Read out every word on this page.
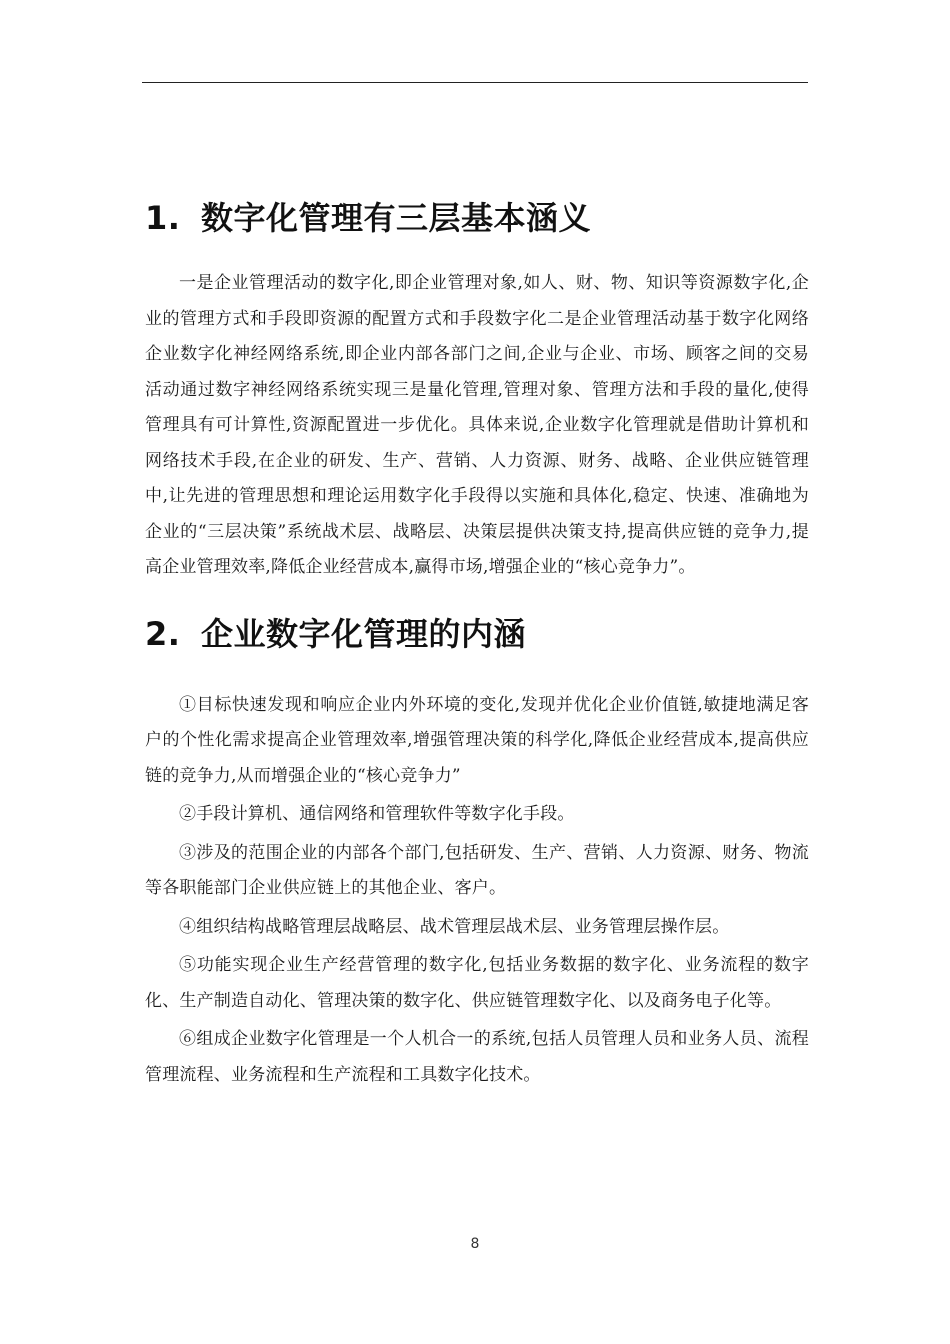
1. 数字化管理有三层基本涵义

一是企业管理活动的数字化,即企业管理对象,如人、财、物、知识等资源数字化,企业的管理方式和手段即资源的配置方式和手段数字化二是企业管理活动基于数字化网络企业数字化神经网络系统,即企业内部各部门之间,企业与企业、市场、顾客之间的交易活动通过数字神经网络系统实现三是量化管理,管理对象、管理方法和手段的量化,使得管理具有可计算性,资源配置进一步优化。具体来说,企业数字化管理就是借助计算机和网络技术手段,在企业的研发、生产、营销、人力资源、财务、战略、企业供应链管理中,让先进的管理思想和理论运用数字化手段得以实施和具体化,稳定、快速、准确地为企业的“三层决策”系统战术层、战略层、决策层提供决策支持,提高供应链的竞争力,提高企业管理效率,降低企业经营成本,赢得市场,增强企业的“核心竞争力”。

2. 企业数字化管理的内涵

①目标快速发现和响应企业内外环境的变化,发现并优化企业价值链,敏捷地满足客户的个性化需求提高企业管理效率,增强管理决策的科学化,降低企业经营成本,提高供应链的竞争力,从而增强企业的“核心竞争力”

②手段计算机、通信网络和管理软件等数字化手段。

③涉及的范围企业的内部各个部门,包括研发、生产、营销、人力资源、财务、物流等各职能部门企业供应链上的其他企业、客户。

④组织结构战略管理层战略层、战术管理层战术层、业务管理层操作层。

⑤功能实现企业生产经营管理的数字化,包括业务数据的数字化、业务流程的数字化、生产制造自动化、管理决策的数字化、供应链管理数字化、以及商务电子化等。

⑥组成企业数字化管理是一个人机合一的系统,包括人员管理人员和业务人员、流程管理流程、业务流程和生产流程和工具数字化技术。

8
